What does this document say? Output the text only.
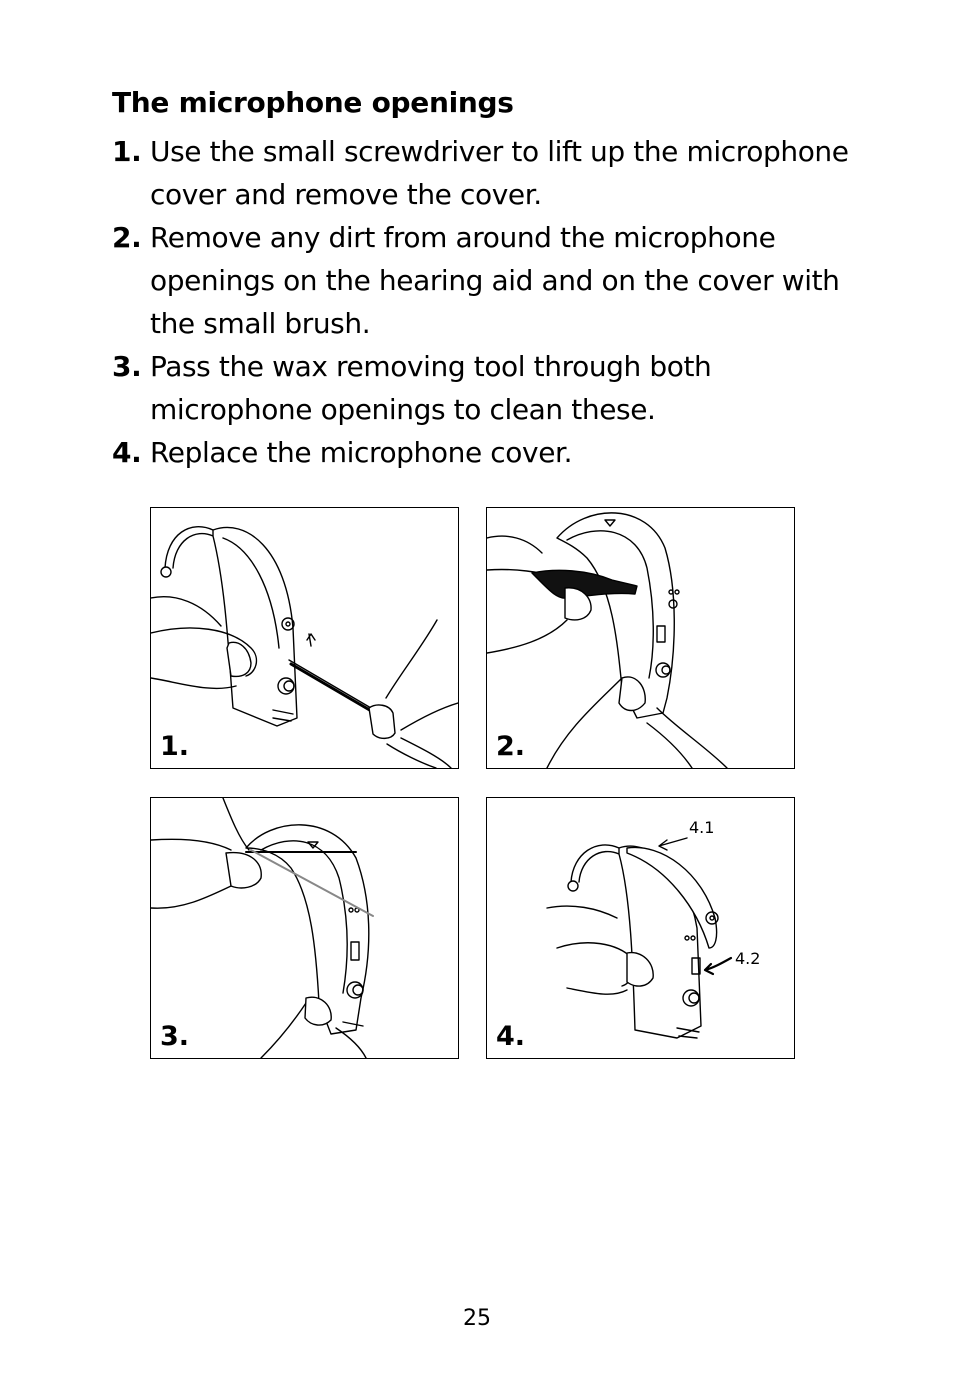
The microphone openings
1. Use the small screwdriver to lift up the microphone cover and remove the cover.
2. Remove any dirt from around the microphone openings on the hearing aid and on the cover with the small brush.
3. Pass the wax removing tool through both microphone openings to clean these.
4. Replace the microphone cover.
1.	2.
3.
4.1
4.2
4.
25
